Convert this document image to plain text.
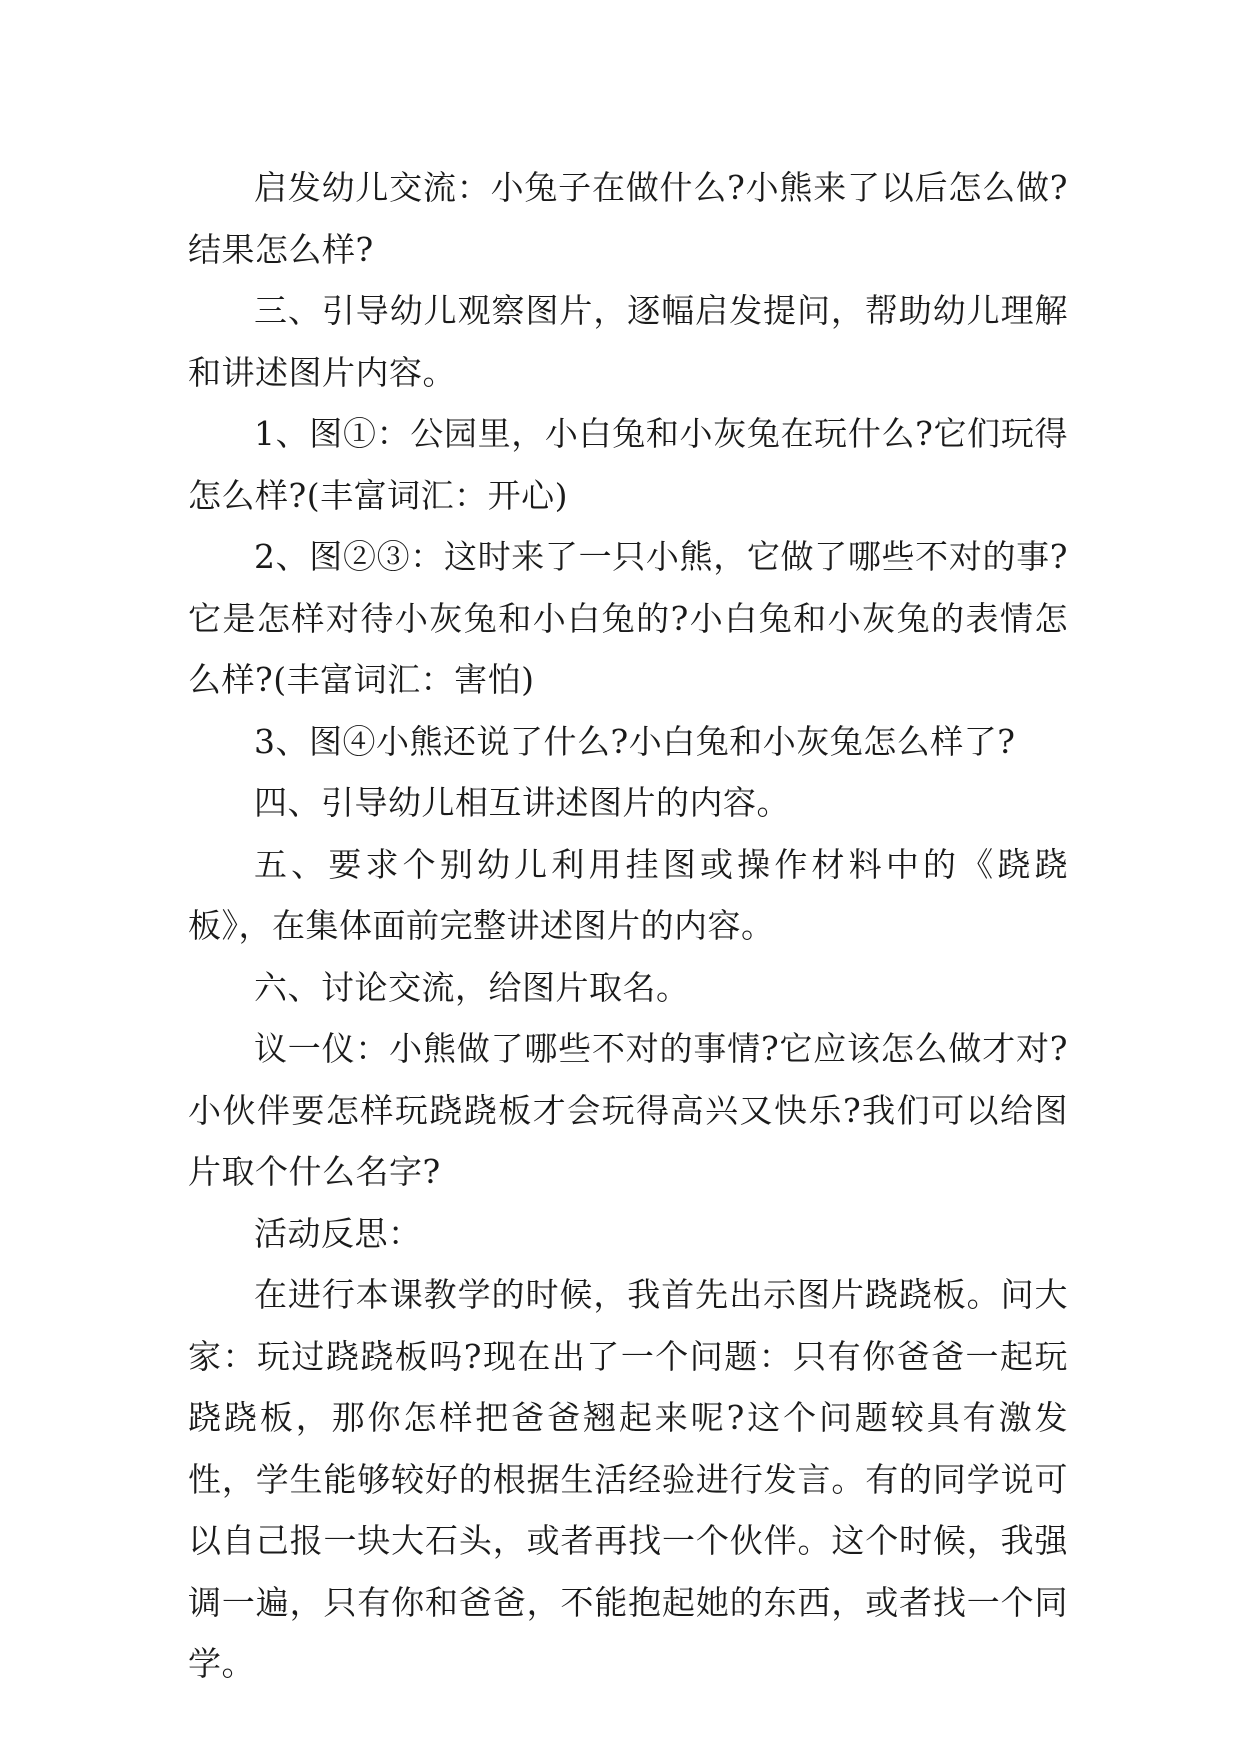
启发幼儿交流：小兔子在做什么?小熊来了以后怎么做?结果怎么样?

三、引导幼儿观察图片，逐幅启发提问，帮助幼儿理解和讲述图片内容。

1、图①：公园里，小白兔和小灰兔在玩什么?它们玩得怎么样?(丰富词汇：开心)

2、图②③：这时来了一只小熊，它做了哪些不对的事?它是怎样对待小灰兔和小白兔的?小白兔和小灰兔的表情怎么样?(丰富词汇：害怕)

3、图④小熊还说了什么?小白兔和小灰兔怎么样了?

四、引导幼儿相互讲述图片的内容。

五、要求个别幼儿利用挂图或操作材料中的《跷跷板》，在集体面前完整讲述图片的内容。

六、讨论交流，给图片取名。

议一仪：小熊做了哪些不对的事情?它应该怎么做才对?小伙伴要怎样玩跷跷板才会玩得高兴又快乐?我们可以给图片取个什么名字?

活动反思：

在进行本课教学的时候，我首先出示图片跷跷板。问大家：玩过跷跷板吗?现在出了一个问题：只有你爸爸一起玩跷跷板，那你怎样把爸爸翘起来呢?这个问题较具有激发性，学生能够较好的根据生活经验进行发言。有的同学说可以自己报一块大石头，或者再找一个伙伴。这个时候，我强调一遍，只有你和爸爸，不能抱起她的东西，或者找一个同学。
